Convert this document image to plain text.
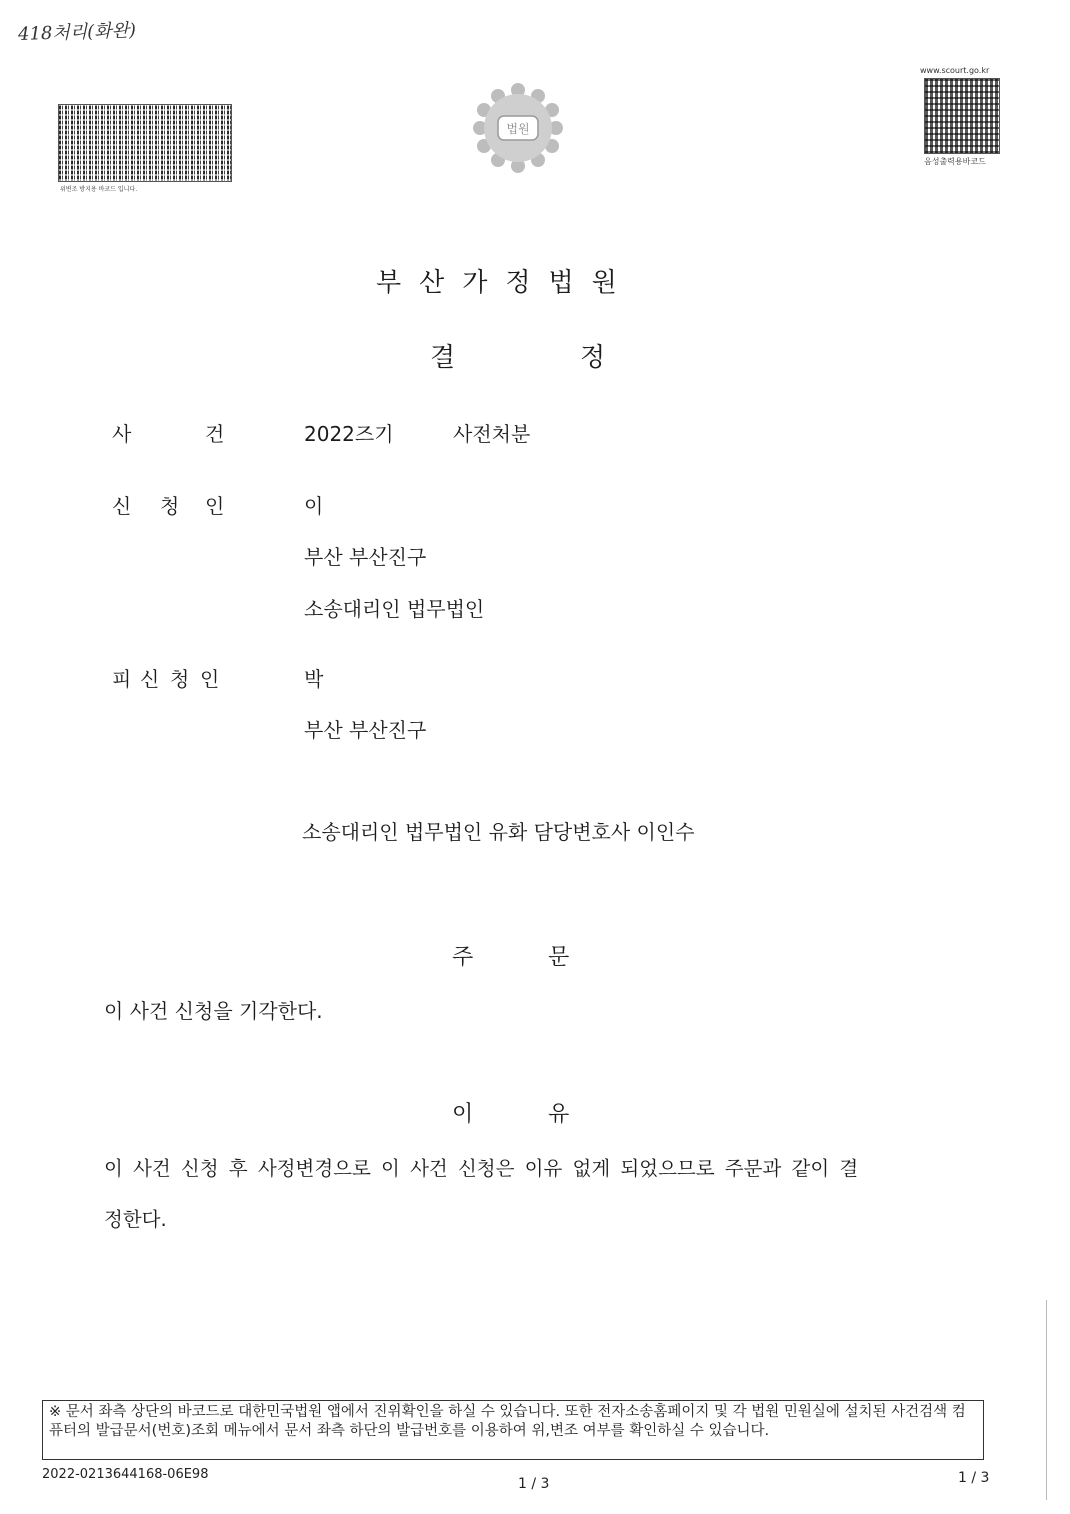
418처리(화완)
위변조 방지용 바코드 입니다.
법원
www.scourt.go.kr
음성출력용바코드
부산가정법원
결	정
사	건	2022즈기	사전처분
신 청 인	이
부산 부산진구
소송대리인 법무법인
피 신 청 인	박
부산 부산진구
소송대리인 법무법인 유화 담당변호사 이인수
주	문
이 사건 신청을 기각한다.
이	유
이 사건 신청 후 사정변경으로 이 사건 신청은 이유 없게 되었으므로 주문과 같이 결
정한다.
※ 문서 좌측 상단의 바코드로 대한민국법원 앱에서 진위확인을 하실 수 있습니다. 또한 전자소송홈페이지 및 각 법원 민원실에 설치된 사건검색 컴퓨터의 발급문서(번호)조회 메뉴에서 문서 좌측 하단의 발급번호를 이용하여 위,변조 여부를 확인하실 수 있습니다.
2022-0213644168-06E98
1 / 3	1 / 3
